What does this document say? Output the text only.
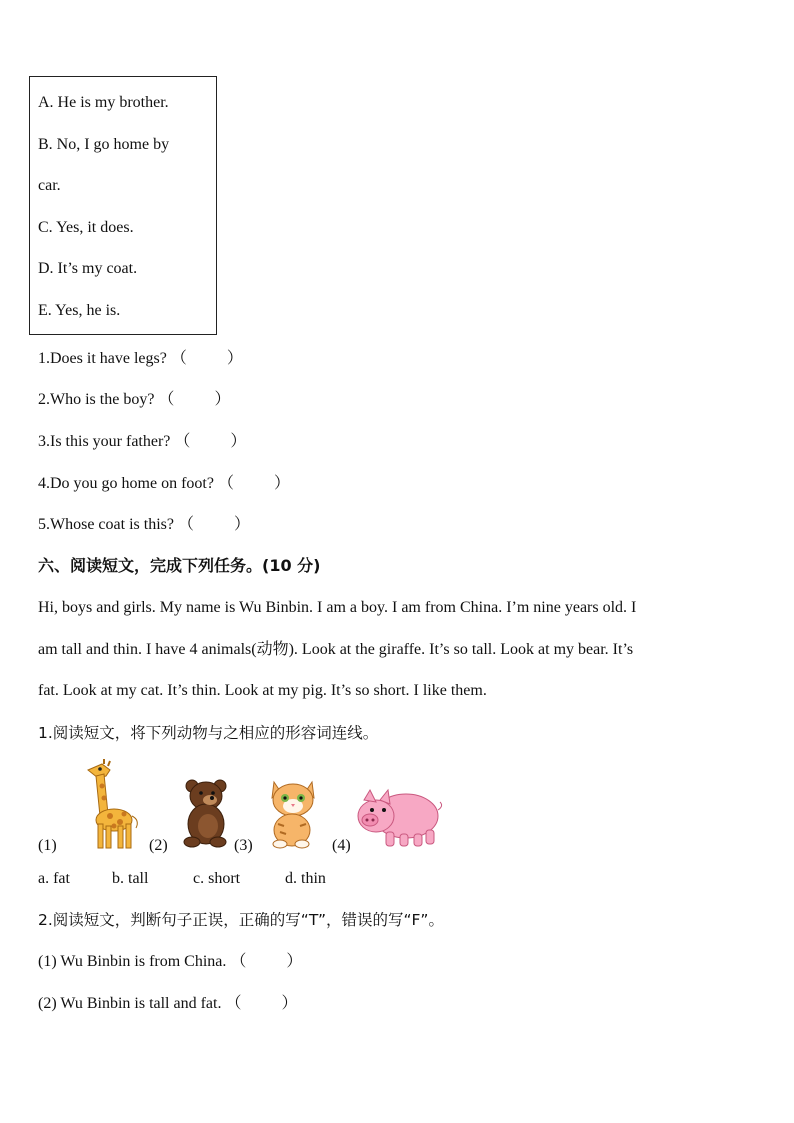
A. He is my brother.
B. No, I go home by
car.
C. Yes, it does.
D. It’s my coat.
E. Yes, he is.
1.Does it have legs? （	）
2.Who is the boy? （	）
3.Is this your father? （	）
4.Do you go home on foot? （	）
5.Whose coat is this? （	）
六、阅读短文，完成下列任务。(10 分)
Hi, boys and girls. My name is Wu Binbin. I am a boy. I am from China. I’m nine years old. I
am tall and thin. I have 4 animals(动物). Look at the giraffe. It’s so tall. Look at my bear. It’s
fat. Look at my cat. It’s thin. Look at my pig. It’s so short. I like them.
1.阅读短文，将下列动物与之相应的形容词连线。
(1)	(2)	(3)	(4)
a. fat	b. tall	c. short	d. thin
2.阅读短文，判断句子正误，正确的写“T”，错误的写“F”。
(1) Wu Binbin is from China. （	）
(2) Wu Binbin is tall and fat. （	）
